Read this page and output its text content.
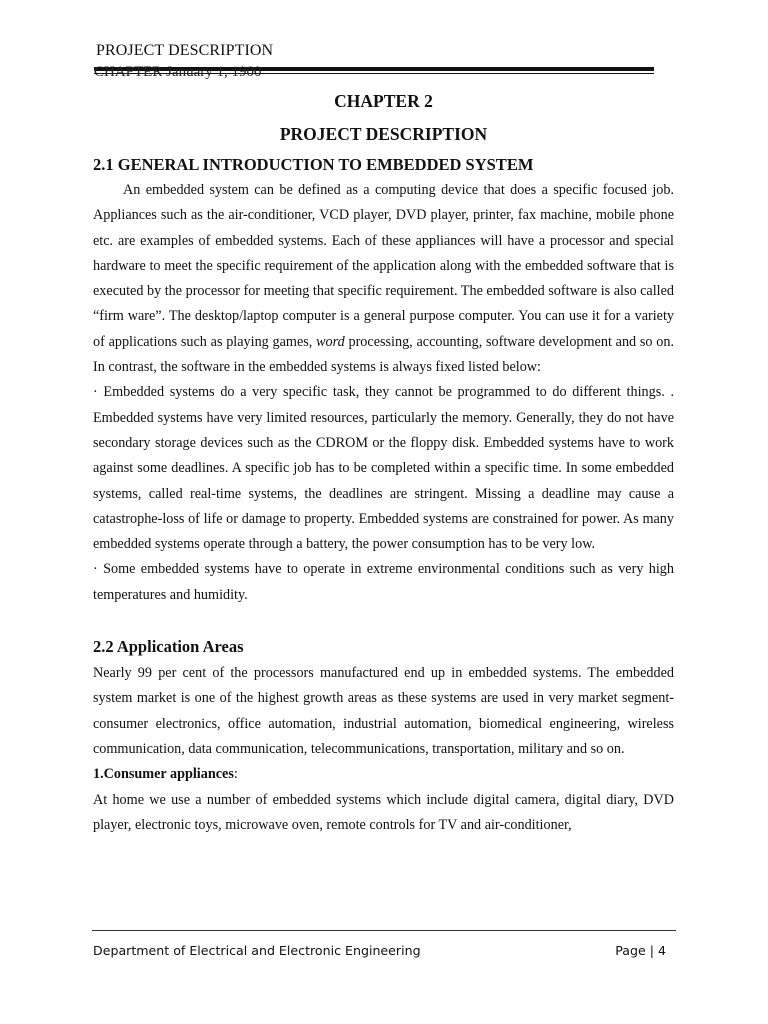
CHAPTER January 1, 1900
PROJECT DESCRIPTION
CHAPTER 2
PROJECT DESCRIPTION
2.1 GENERAL INTRODUCTION TO EMBEDDED SYSTEM

An embedded system can be defined as a computing device that does a specific focused job. Appliances such as the air-conditioner, VCD player, DVD player, printer, fax machine, mobile phone etc. are examples of embedded systems. Each of these appliances will have a processor and special hardware to meet the specific requirement of the application along with the embedded software that is executed by the processor for meeting that specific requirement. The embedded software is also called “firm ware”. The desktop/laptop computer is a general purpose computer. You can use it for a variety of applications such as playing games, word processing, accounting, software development and so on. In contrast, the software in the embedded systems is always fixed listed below:

· Embedded systems do a very specific task, they cannot be programmed to do different things. . Embedded systems have very limited resources, particularly the memory. Generally, they do not have secondary storage devices such as the CDROM or the floppy disk. Embedded systems have to work against some deadlines. A specific job has to be completed within a specific time. In some embedded systems, called real-time systems, the deadlines are stringent. Missing a deadline may cause a catastrophe-loss of life or damage to property. Embedded systems are constrained for power. As many embedded systems operate through a battery, the power consumption has to be very low.

· Some embedded systems have to operate in extreme environmental conditions such as very high temperatures and humidity.

2.2 Application Areas

Nearly 99 per cent of the processors manufactured end up in embedded systems. The embedded system market is one of the highest growth areas as these systems are used in very market segment- consumer electronics, office automation, industrial automation, biomedical engineering, wireless communication, data communication, telecommunications, transportation, military and so on.

1.Consumer appliances:

At home we use a number of embedded systems which include digital camera, digital diary, DVD player, electronic toys, microwave oven, remote controls for TV and air-conditioner,

Department of Electrical and Electronic Engineering	Page | 4
